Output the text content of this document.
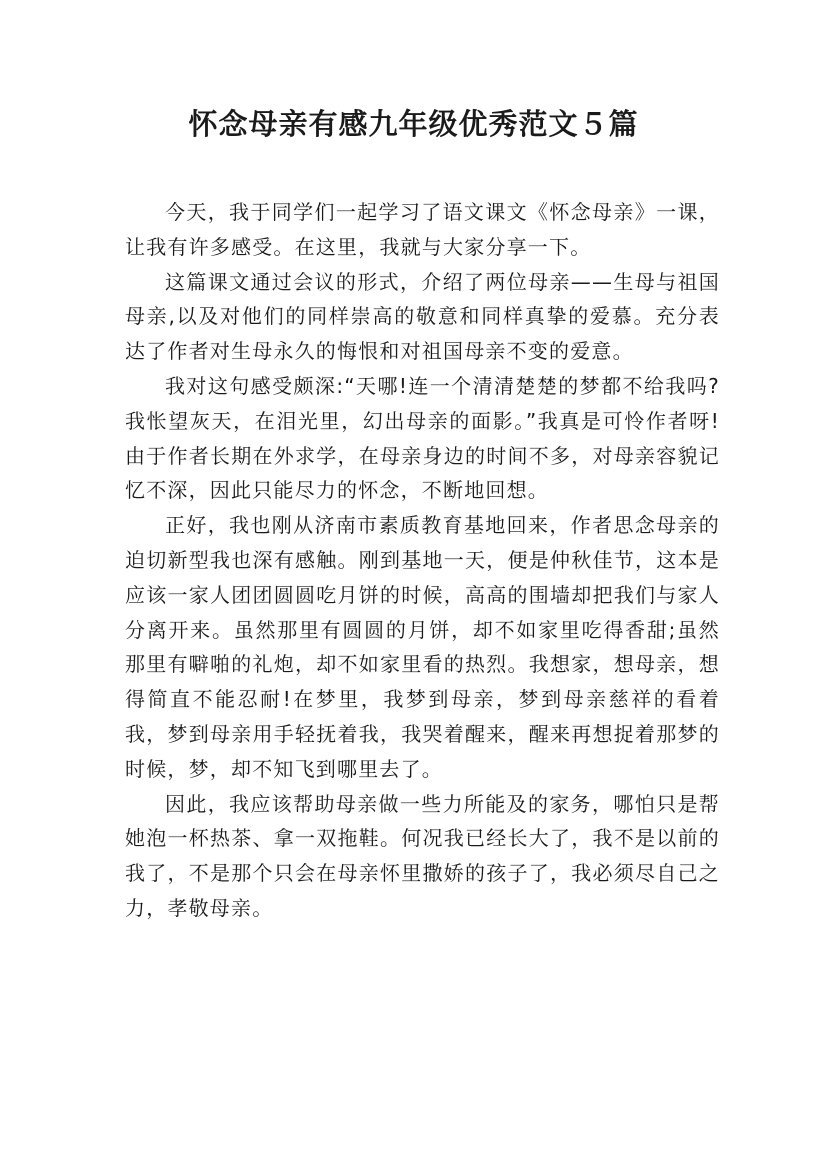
怀念母亲有感九年级优秀范文５篇

今天，我于同学们一起学习了语文课文《怀念母亲》一课，让我有许多感受。在这里，我就与大家分享一下。

这篇课文通过会议的形式，介绍了两位母亲——生母与祖国母亲,以及对他们的同样崇高的敬意和同样真挚的爱慕。充分表达了作者对生母永久的悔恨和对祖国母亲不变的爱意。

我对这句感受颇深:“天哪!连一个清清楚楚的梦都不给我吗?我怅望灰天，在泪光里，幻出母亲的面影。”我真是可怜作者呀!由于作者长期在外求学，在母亲身边的时间不多，对母亲容貌记忆不深，因此只能尽力的怀念，不断地回想。

正好，我也刚从济南市素质教育基地回来，作者思念母亲的迫切新型我也深有感触。刚到基地一天，便是仲秋佳节，这本是应该一家人团团圆圆吃月饼的时候，高高的围墙却把我们与家人分离开来。虽然那里有圆圆的月饼，却不如家里吃得香甜;虽然那里有噼啪的礼炮，却不如家里看的热烈。我想家，想母亲，想得简直不能忍耐!在梦里，我梦到母亲，梦到母亲慈祥的看着我，梦到母亲用手轻抚着我，我哭着醒来，醒来再想捉着那梦的时候，梦，却不知飞到哪里去了。

因此，我应该帮助母亲做一些力所能及的家务，哪怕只是帮她泡一杯热茶、拿一双拖鞋。何况我已经长大了，我不是以前的我了，不是那个只会在母亲怀里撒娇的孩子了，我必须尽自己之力，孝敬母亲。
